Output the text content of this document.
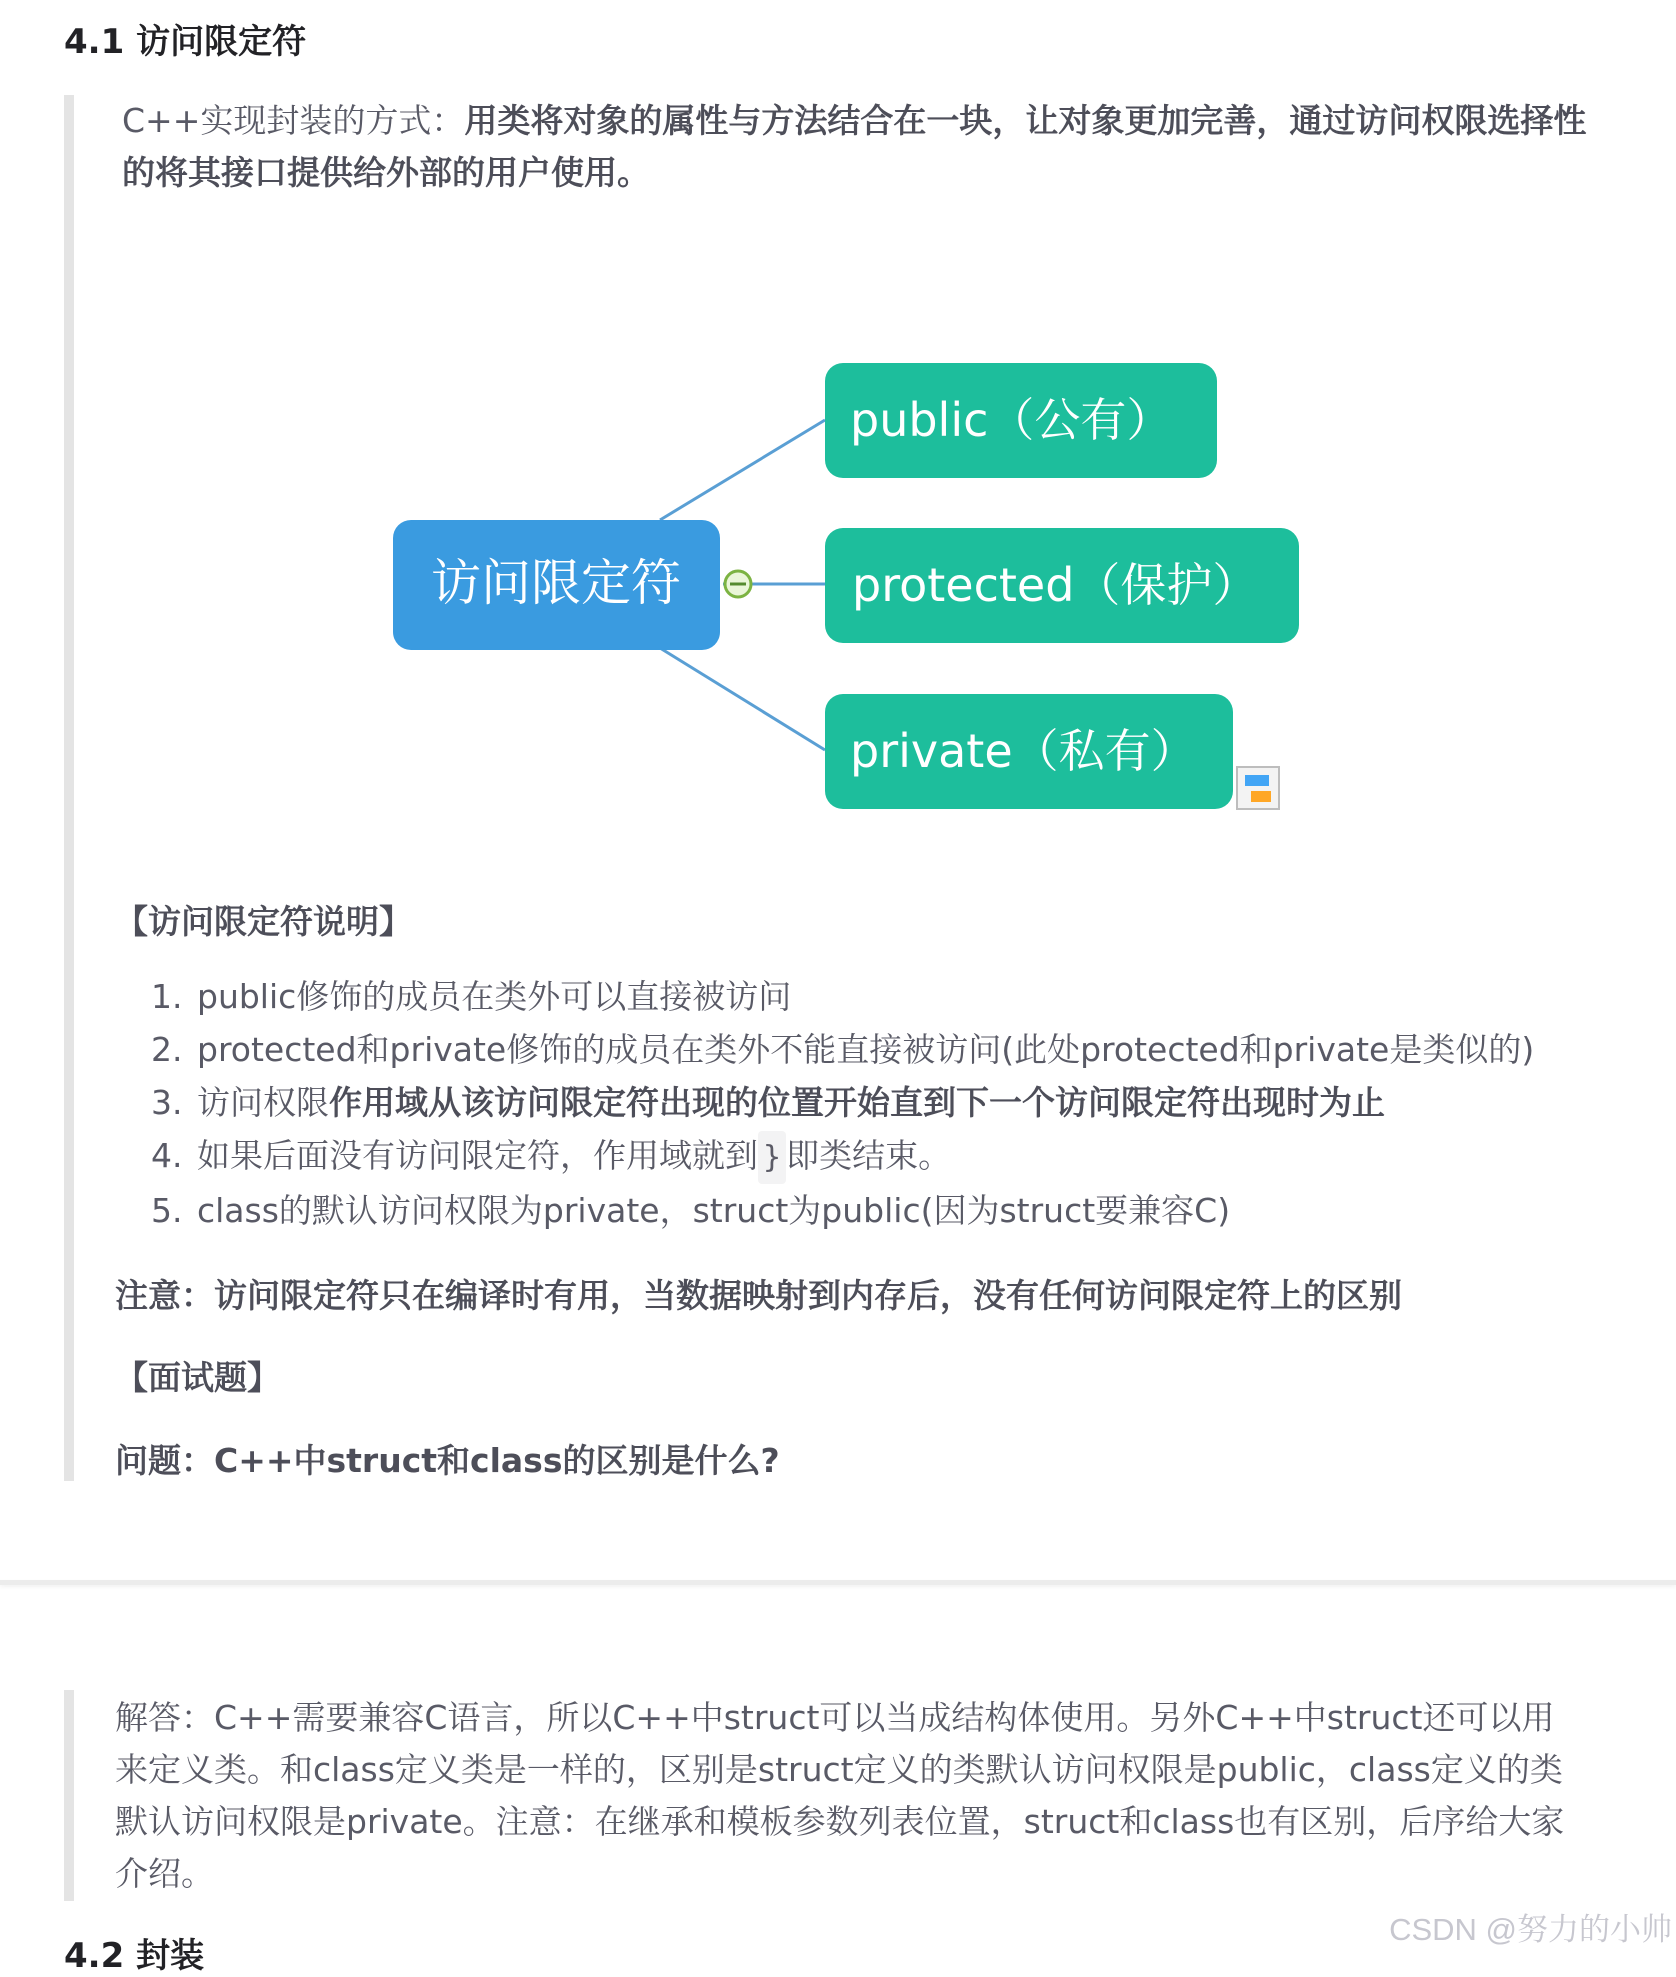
4.1 访问限定符

C++实现封装的方式：用类将对象的属性与方法结合在一块，让对象更加完善，通过访问权限选择性的将其接口提供给外部的用户使用。

访问限定符
public（公有）
protected（保护）
private（私有）

【访问限定符说明】

1. public修饰的成员在类外可以直接被访问
2. protected和private修饰的成员在类外不能直接被访问(此处protected和private是类似的)
3. 访问权限作用域从该访问限定符出现的位置开始直到下一个访问限定符出现时为止
4. 如果后面没有访问限定符，作用域就到 } 即类结束。
5. class的默认访问权限为private，struct为public(因为struct要兼容C)

注意：访问限定符只在编译时有用，当数据映射到内存后，没有任何访问限定符上的区别

【面试题】

问题：C++中struct和class的区别是什么?

解答：C++需要兼容C语言，所以C++中struct可以当成结构体使用。另外C++中struct还可以用来定义类。和class定义类是一样的，区别是struct定义的类默认访问权限是public，class定义的类默认访问权限是private。注意：在继承和模板参数列表位置，struct和class也有区别，后序给大家介绍。

4.2 封装
CSDN @努力的小帅
